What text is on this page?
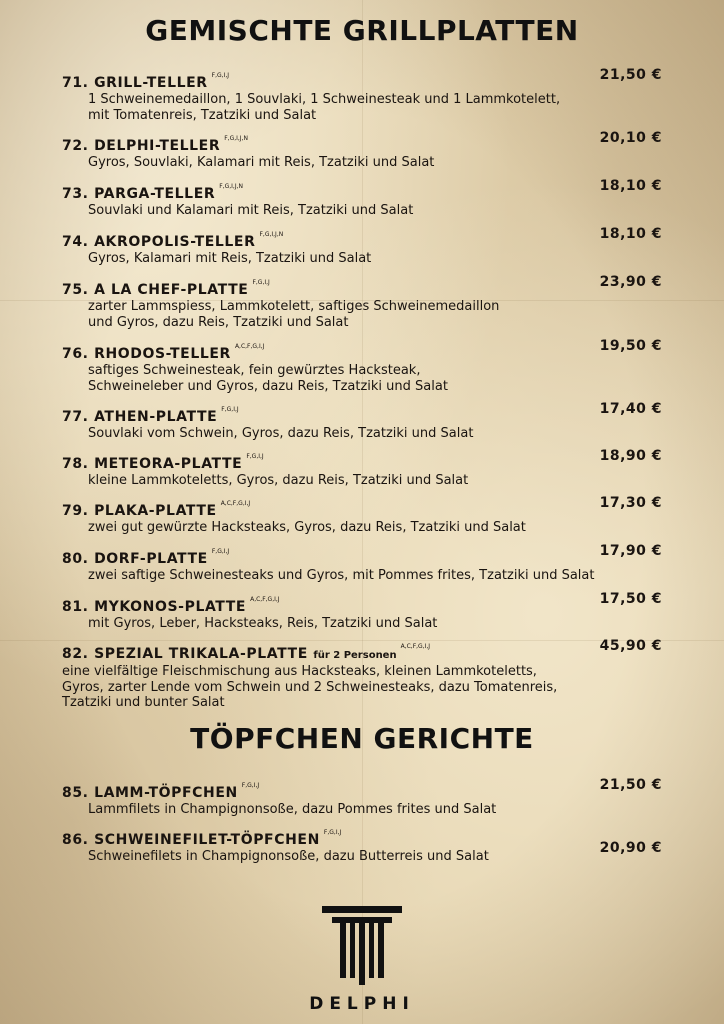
GEMISCHTE GRILLPLATTEN
71. GRILL-TELLER $^{F,G,I,J}$
1 Schweinemedaillon, 1 Souvlaki, 1 Schweinesteak und 1 Lammkotelett,
mit Tomatenreis, Tzatziki und Salat
21,50 €
72. DELPHI-TELLER $^{F,G,I,J,N}$
Gyros, Souvlaki, Kalamari mit Reis, Tzatziki und Salat
20,10 €
73. PARGA-TELLER $^{F,G,I,J,N}$
Souvlaki und Kalamari mit Reis, Tzatziki und Salat
18,10 €
74. AKROPOLIS-TELLER $^{F,G,I,J,N}$
Gyros, Kalamari mit Reis, Tzatziki und Salat
18,10 €
75. A LA CHEF-PLATTE $^{F,G,I,J}$
zarter Lammspiess, Lammkotelett, saftiges Schweinemedaillon
und Gyros, dazu Reis, Tzatziki und Salat
23,90 €
76. RHODOS-TELLER $^{A,C,F,G,I,J}$
saftiges Schweinesteak, fein gewürztes Hacksteak,
Schweineleber und Gyros, dazu Reis, Tzatziki und Salat
19,50 €
77. ATHEN-PLATTE $^{F,G,I,J}$
Souvlaki vom Schwein, Gyros, dazu Reis, Tzatziki und Salat
17,40 €
78. METEORA-PLATTE $^{F,G,I,J}$
kleine Lammkoteletts, Gyros, dazu Reis, Tzatziki und Salat
18,90 €
79. PLAKA-PLATTE $^{A,C,F,G,I,J}$
zwei gut gewürzte Hacksteaks, Gyros, dazu Reis, Tzatziki und Salat
17,30 €
80. DORF-PLATTE $^{F,G,I,J}$
zwei saftige Schweinesteaks und Gyros, mit Pommes frites, Tzatziki und Salat
17,90 €
81. MYKONOS-PLATTE $^{A,C,F,G,I,J}$
mit Gyros, Leber, Hacksteaks, Reis, Tzatziki und Salat
17,50 €
82. SPEZIAL TRIKALA-PLATTE für 2 Personen$^{A,C,F,G,I,J}$
eine vielfältige Fleischmischung aus Hacksteaks, kleinen Lammkoteletts,
Gyros, zarter Lende vom Schwein und 2 Schweinesteaks, dazu Tomatenreis,
Tzatziki und bunter Salat
45,90 €
TÖPFCHEN GERICHTE
85. LAMM-TÖPFCHEN $^{F,G,I,J}$
Lammfilets in Champignonsoße, dazu Pommes frites und Salat
21,50 €
86. SCHWEINEFILET-TÖPFCHEN $^{F,G,I,J}$
Schweinefilets in Champignonsoße, dazu Butterreis und Salat
20,90 €
DELPHI
